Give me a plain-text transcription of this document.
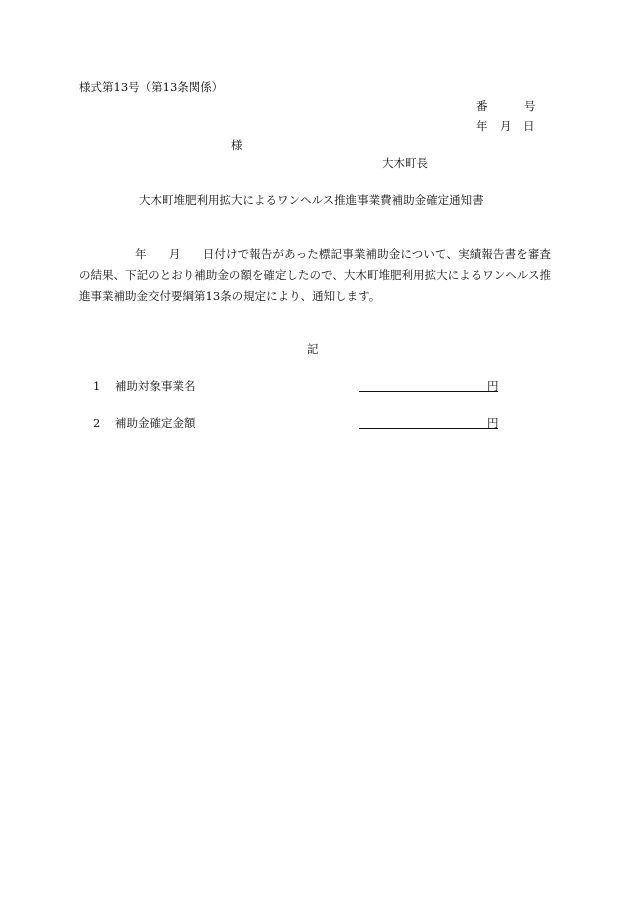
様式第13号（第13条関係）
番	号
年 月 日
様
大木町長
大木町堆肥利用拡大によるワンヘルス推進事業費補助金確定通知書
年 月 日付けで報告があった標記事業補助金について、実績報告書を審査の結果、下記のとおり補助金の額を確定したので、大木町堆肥利用拡大によるワンヘルス推進事業補助金交付要綱第13条の規定により、通知します。
記
1 補助対象事業名	円
2 補助金確定金額	円
